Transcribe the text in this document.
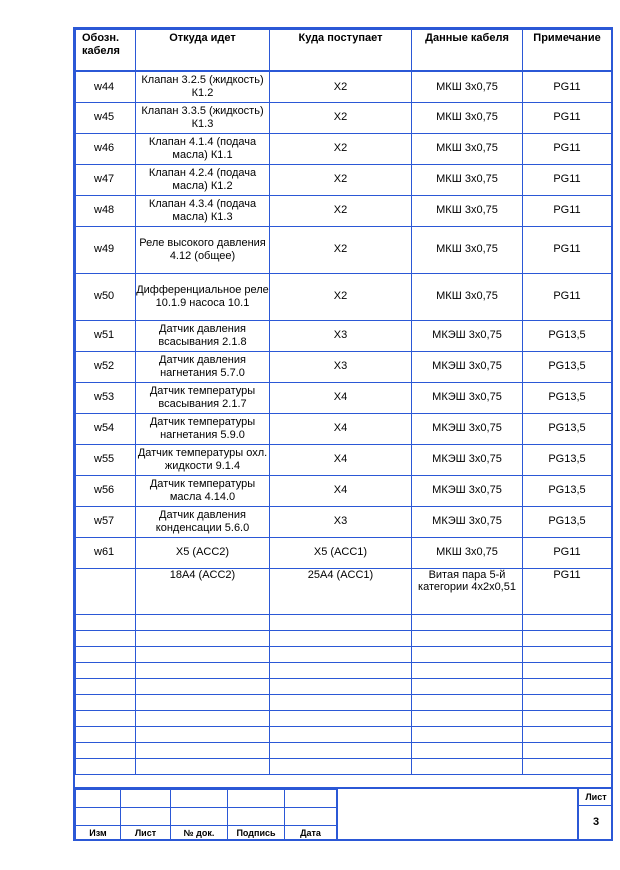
Обозн. кабеля	Откуда идет	Куда поступает	Данные кабеля	Примечание
w44	Клапан 3.2.5 (жидкость) К1.2	X2	МКШ 3х0,75	PG11
w45	Клапан 3.3.5 (жидкость) К1.3	X2	МКШ 3х0,75	PG11
w46	Клапан 4.1.4 (подача масла) К1.1	X2	МКШ 3х0,75	PG11
w47	Клапан 4.2.4 (подача масла) К1.2	X2	МКШ 3х0,75	PG11
w48	Клапан 4.3.4 (подача масла) К1.3	X2	МКШ 3х0,75	PG11
w49	Реле высокого давления 4.12 (общее)	X2	МКШ 3х0,75	PG11
w50	Дифференциальное реле 10.1.9 насоса 10.1	X2	МКШ 3х0,75	PG11
w51	Датчик давления всасывания 2.1.8	X3	МКЭШ 3х0,75	PG13,5
w52	Датчик давления нагнетания 5.7.0	X3	МКЭШ 3х0,75	PG13,5
w53	Датчик температуры всасывания 2.1.7	X4	МКЭШ 3х0,75	PG13,5
w54	Датчик температуры нагнетания 5.9.0	X4	МКЭШ 3х0,75	PG13,5
w55	Датчик температуры охл. жидкости 9.1.4	X4	МКЭШ 3х0,75	PG13,5
w56	Датчик температуры масла 4.14.0	X4	МКЭШ 3х0,75	PG13,5
w57	Датчик давления конденсации 5.6.0	X3	МКЭШ 3х0,75	PG13,5
w61	X5 (ACC2)	X5 (ACC1)	МКШ 3х0,75	PG11
	18A4 (ACC2)	25A4 (ACC1)	Витая пара 5-й категории 4х2х0,51	PG11

Изм	Лист	№ док.	Подпись	Дата
Лист
3
